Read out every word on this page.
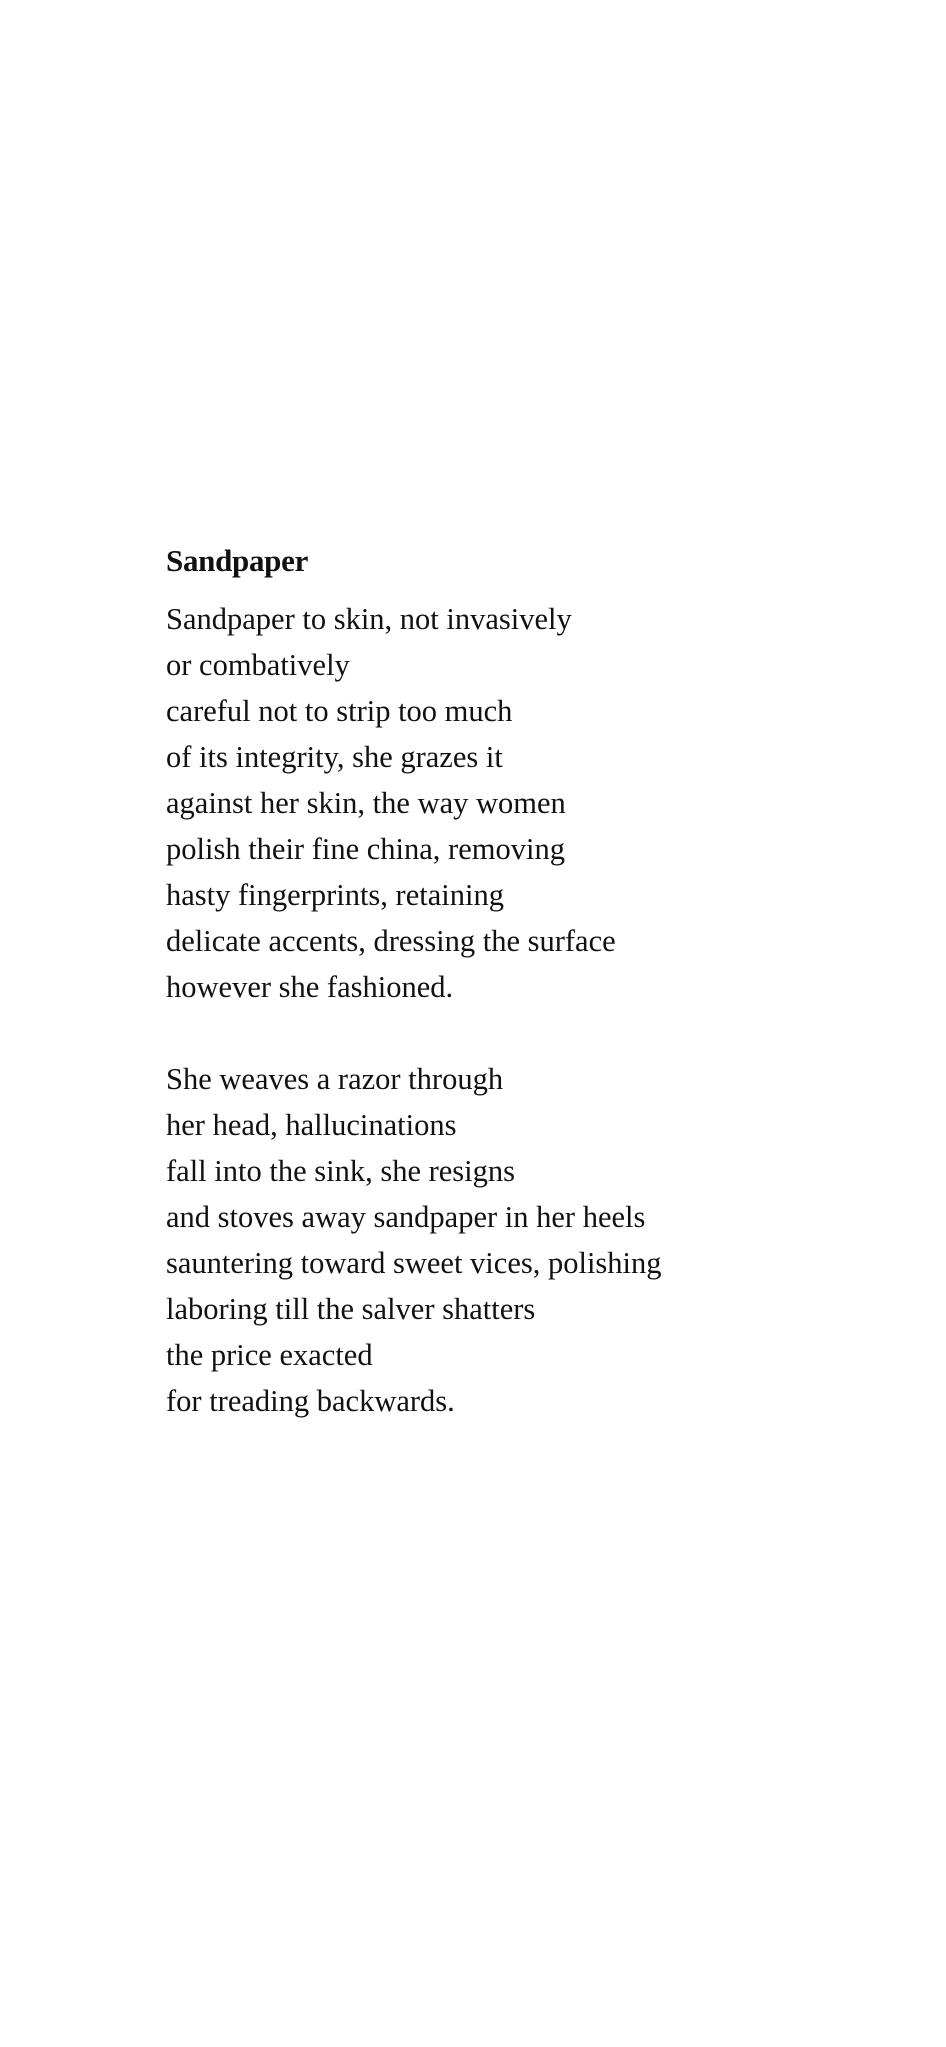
Sandpaper
Sandpaper to skin, not invasively
or combatively
careful not to strip too much
of its integrity, she grazes it
against her skin, the way women
polish their fine china, removing
hasty fingerprints, retaining
delicate accents, dressing the surface
however she fashioned.
She weaves a razor through
her head, hallucinations
fall into the sink, she resigns
and stoves away sandpaper in her heels
sauntering toward sweet vices, polishing
laboring till the salver shatters
the price exacted
for treading backwards.
